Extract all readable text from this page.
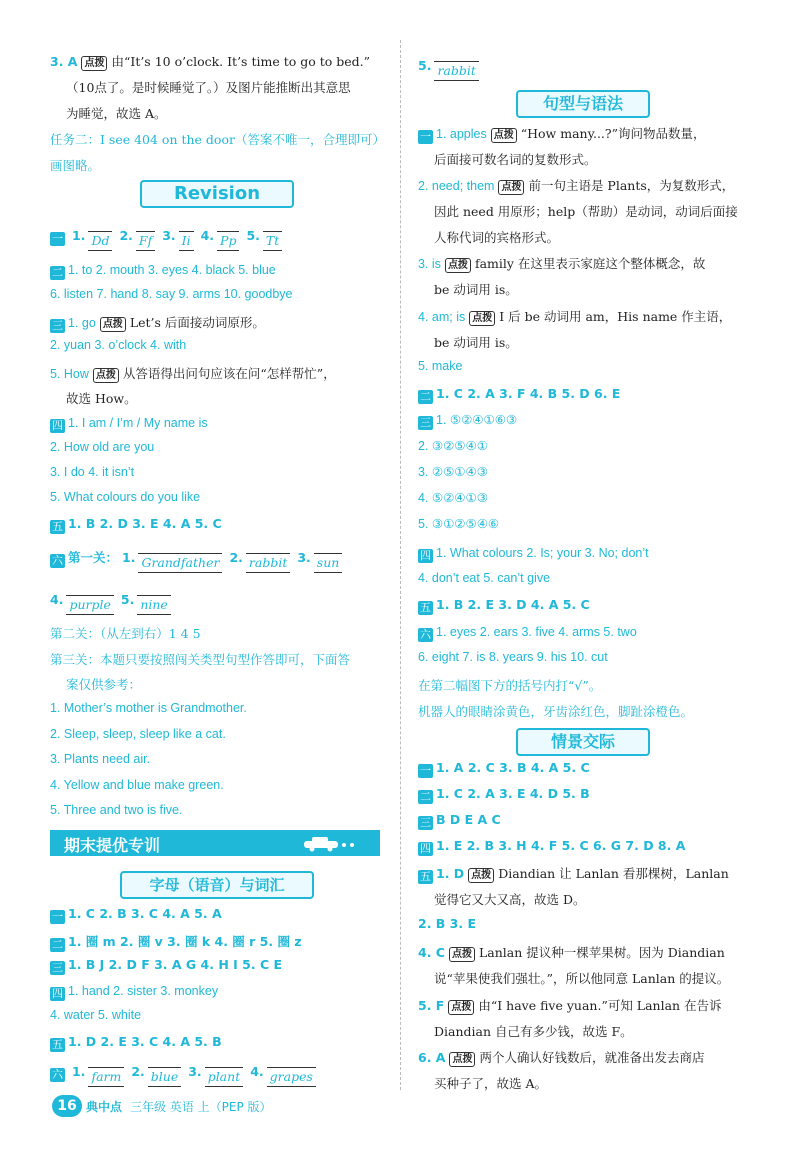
3. A 点拨 由“It’s 10 o’clock. It’s time to go to bed.”
（10点了。是时候睡觉了。）及图片能推断出其意思
为睡觉，故选 A。
任务二：I see 404 on the door（答案不唯一，合理即可）
画图略。
Revision
一 1. Dd 2. Ff 3. Ii 4. Pp 5. Tt
二 1. to 2. mouth 3. eyes 4. black 5. blue
6. listen 7. hand 8. say 9. arms 10. goodbye
三 1. go 点拨 Let’s 后面接动词原形。
2. yuan 3. o’clock 4. with
5. How 点拨 从答语得出问句应该在问“怎样帮忙”，
故选 How。
四 1. I am / I’m / My name is
2. How old are you
3. I do 4. it isn’t
5. What colours do you like
五 1. B 2. D 3. E 4. A 5. C
六 第一关： 1. Grandfather 2. rabbit 3. sun
4. purple 5. nine
第二关：（从左到右）1 4 5
第三关：本题只要按照闯关类型句型作答即可，下面答
案仅供参考：
1. Mother’s mother is Grandmother.
2. Sleep, sleep, sleep like a cat.
3. Plants need air.
4. Yellow and blue make green.
5. Three and two is five.
期末提优专训
字母（语音）与词汇
一 1. C 2. B 3. C 4. A 5. A
二 1. 圈 m 2. 圈 v 3. 圈 k 4. 圈 r 5. 圈 z
三 1. B J 2. D F 3. A G 4. H I 5. C E
四 1. hand 2. sister 3. monkey
4. water 5. white
五 1. D 2. E 3. C 4. A 5. B
六 1. farm 2. blue 3. plant 4. grapes
5. rabbit
句型与语法
一 1. apples 点拨 “How many...?”询问物品数量，
后面接可数名词的复数形式。
2. need; them 点拨 前一句主语是 Plants，为复数形式，
因此 need 用原形；help（帮助）是动词，动词后面接
人称代词的宾格形式。
3. is 点拨 family 在这里表示家庭这个整体概念，故
be 动词用 is。
4. am; is 点拨 I 后 be 动词用 am，His name 作主语，
be 动词用 is。
5. make
二 1. C 2. A 3. F 4. B 5. D 6. E
三 1. ⑤②④①⑥③
2. ③②⑤④①
3. ②⑤①④③
4. ⑤②④①③
5. ③①②⑤④⑥
四 1. What colours 2. Is; your 3. No; don’t
4. don’t eat 5. can’t give
五 1. B 2. E 3. D 4. A 5. C
六 1. eyes 2. ears 3. five 4. arms 5. two
6. eight 7. is 8. years 9. his 10. cut
在第二幅图下方的括号内打“√”。
机器人的眼睛涂黄色，牙齿涂红色，脚趾涂橙色。
情景交际
一 1. A 2. C 3. B 4. A 5. C
二 1. C 2. A 3. E 4. D 5. B
三 B D E A C
四 1. E 2. B 3. H 4. F 5. C 6. G 7. D 8. A
五 1. D 点拨 Diandian 让 Lanlan 看那棵树，Lanlan
觉得它又大又高，故选 D。
2. B 3. E
4. C 点拨 Lanlan 提议种一棵苹果树。因为 Diandian
说“苹果使我们强壮。”，所以他同意 Lanlan 的提议。
5. F 点拨 由“I have five yuan.”可知 Lanlan 在告诉
Diandian 自己有多少钱，故选 F。
6. A 点拨 两个人确认好钱数后，就准备出发去商店
买种子了，故选 A。
16 典中点 三年级 英语 上（PEP 版）
